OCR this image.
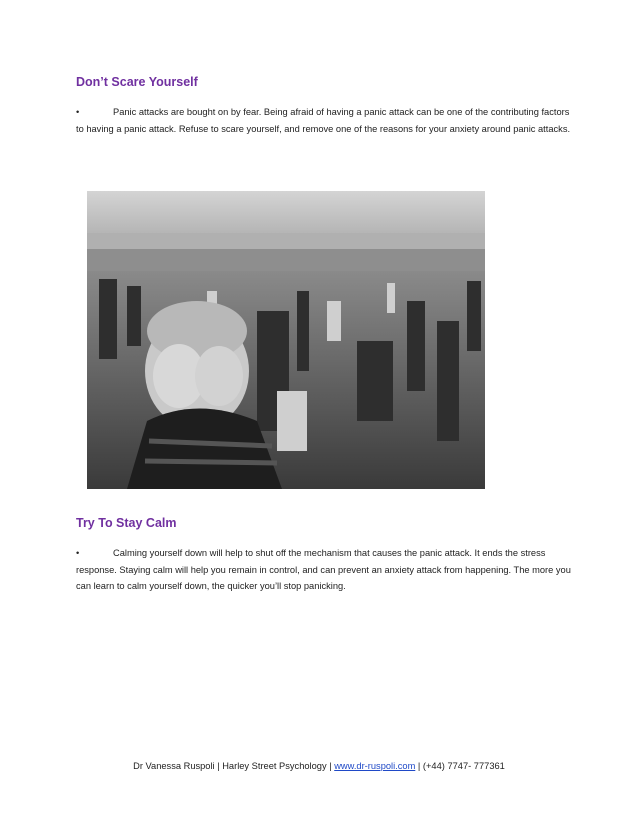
Don’t Scare Yourself

•	Panic attacks are bought on by fear. Being afraid of having a panic attack can be one of the contributing factors to having a panic attack. Refuse to scare yourself, and remove one of the reasons for your anxiety around panic attacks.

Try To Stay Calm

•	Calming yourself down will help to shut off the mechanism that causes the panic attack. It ends the stress response. Staying calm will help you remain in control, and can prevent an anxiety attack from happening. The more you can learn to calm yourself down, the quicker you’ll stop panicking.

Dr Vanessa Ruspoli | Harley Street Psychology | www.dr-ruspoli.com | (+44) 7747- 777361
